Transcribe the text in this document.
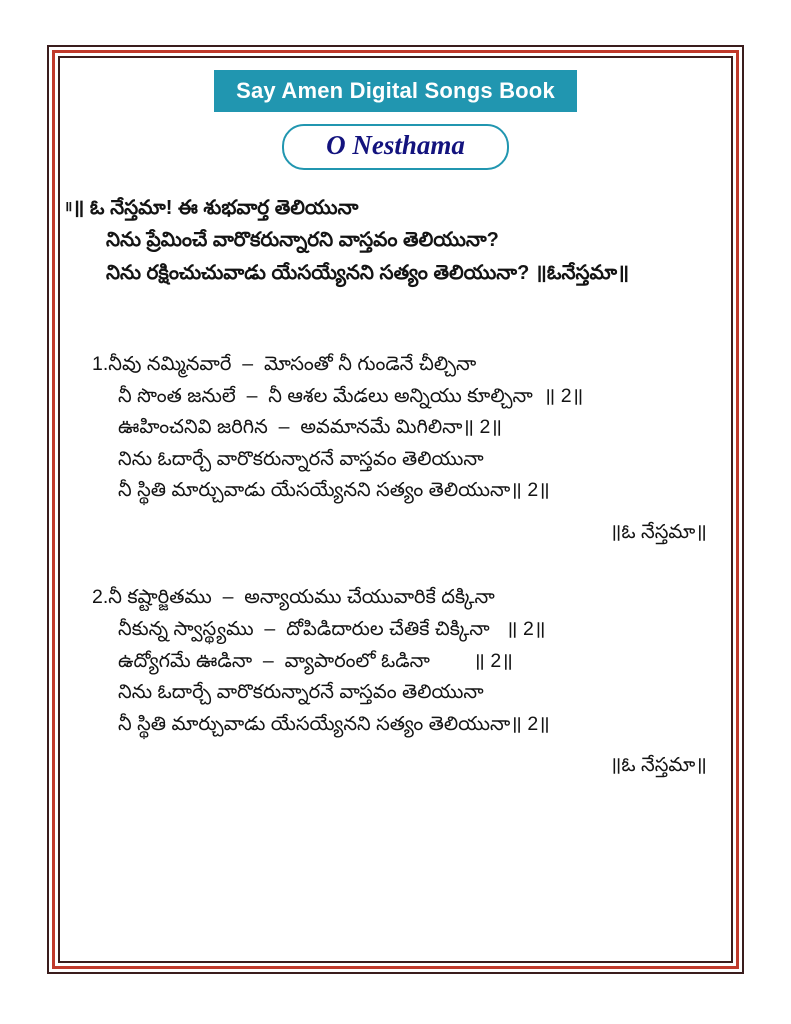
Say Amen Digital Songs Book
O Nesthama
॥॥ ఓ నేస్తమా! ఈ శుభవార్త తెలియునా
నిను ప్రేమించే వారొకరున్నారని వాస్తవం తెలియునా?
నిను రక్షించుచువాడు యేసయ్యేనని సత్యం తెలియునా? ॥ఓనేస్తమా॥
1.నీవు నమ్మినవారే  –  మోసంతో నీ గుండెనే చీల్చినా
నీ సొంత జనులే  –  నీ ఆశల మేడలు అన్నియు కూల్చినా  ॥ 2॥
ఊహించనివి జరిగిన  –  అవమానమే మిగిలినా॥ 2॥
నిను ఓదార్చే వారొకరున్నారనే వాస్తవం తెలియునా
నీ స్థితి మార్చువాడు యేసయ్యేనని సత్యం తెలియునా॥ 2॥
॥ఓ నేస్తమా॥
2.నీ కష్టార్జితము  –  అన్యాయము చేయువారికే దక్కినా
నీకున్న స్వాస్థ్యము  –  దోపిడిదారుల చేతికే చిక్కినా   ॥ 2॥
ఉద్యోగమే ఊడినా  –  వ్యాపారంలో ఓడినా        ॥ 2॥
నిను ఓదార్చే వారొకరున్నారనే వాస్తవం తెలియునా
నీ స్థితి మార్చువాడు యేసయ్యేనని సత్యం తెలియునా॥ 2॥
॥ఓ నేస్తమా॥
